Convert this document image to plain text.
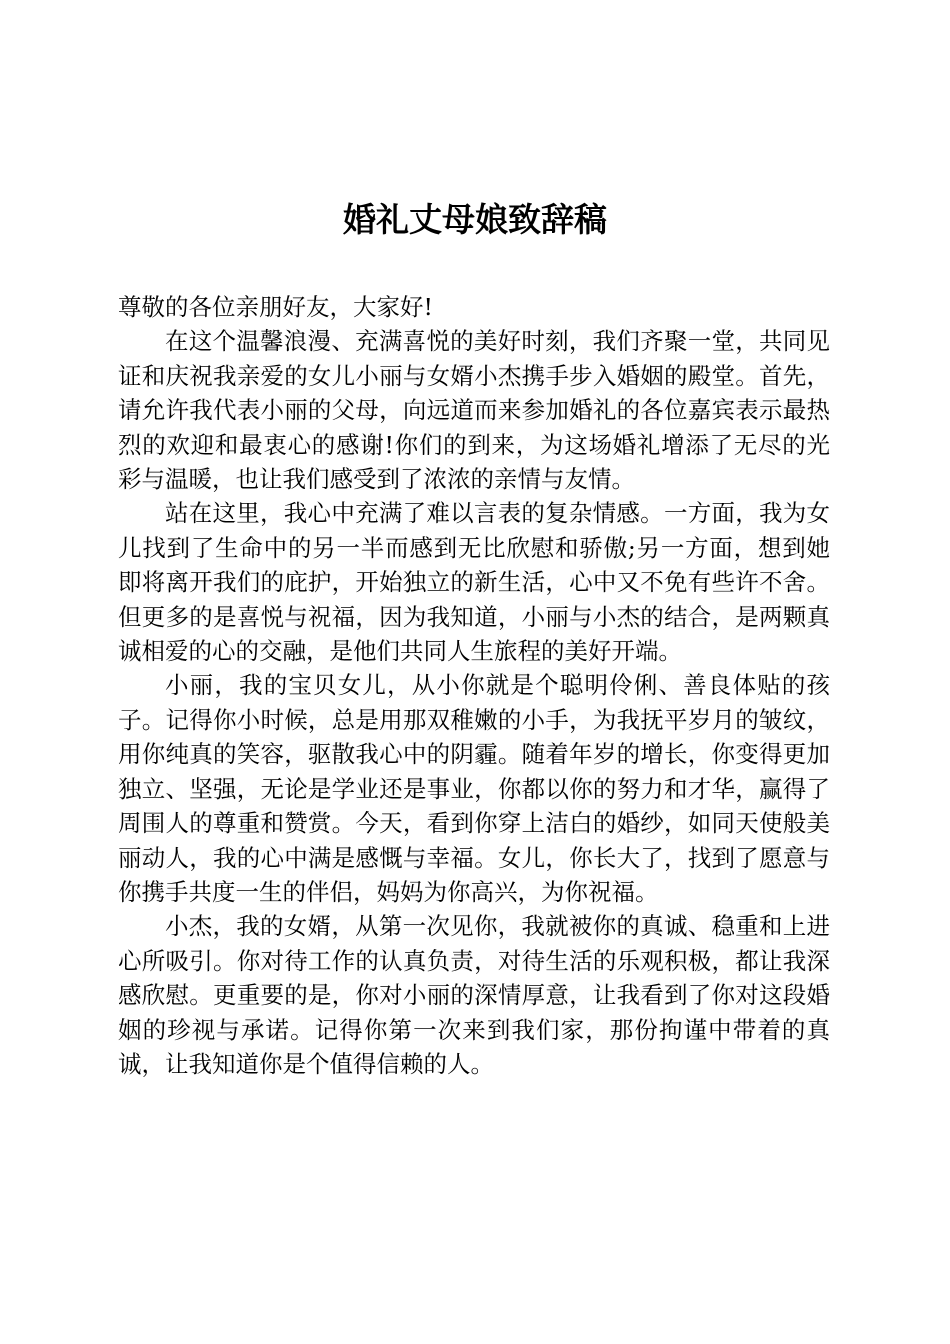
婚礼丈母娘致辞稿

尊敬的各位亲朋好友，大家好!

在这个温馨浪漫、充满喜悦的美好时刻，我们齐聚一堂，共同见证和庆祝我亲爱的女儿小丽与女婿小杰携手步入婚姻的殿堂。首先，请允许我代表小丽的父母，向远道而来参加婚礼的各位嘉宾表示最热烈的欢迎和最衷心的感谢!你们的到来，为这场婚礼增添了无尽的光彩与温暖，也让我们感受到了浓浓的亲情与友情。

站在这里，我心中充满了难以言表的复杂情感。一方面，我为女儿找到了生命中的另一半而感到无比欣慰和骄傲;另一方面，想到她即将离开我们的庇护，开始独立的新生活，心中又不免有些许不舍。但更多的是喜悦与祝福，因为我知道，小丽与小杰的结合，是两颗真诚相爱的心的交融，是他们共同人生旅程的美好开端。

小丽，我的宝贝女儿，从小你就是个聪明伶俐、善良体贴的孩子。记得你小时候，总是用那双稚嫩的小手，为我抚平岁月的皱纹，用你纯真的笑容，驱散我心中的阴霾。随着年岁的增长，你变得更加独立、坚强，无论是学业还是事业，你都以你的努力和才华，赢得了周围人的尊重和赞赏。今天，看到你穿上洁白的婚纱，如同天使般美丽动人，我的心中满是感慨与幸福。女儿，你长大了，找到了愿意与你携手共度一生的伴侣，妈妈为你高兴，为你祝福。

小杰，我的女婿，从第一次见你，我就被你的真诚、稳重和上进心所吸引。你对待工作的认真负责，对待生活的乐观积极，都让我深感欣慰。更重要的是，你对小丽的深情厚意，让我看到了你对这段婚姻的珍视与承诺。记得你第一次来到我们家，那份拘谨中带着的真诚，让我知道你是个值得信赖的人。
